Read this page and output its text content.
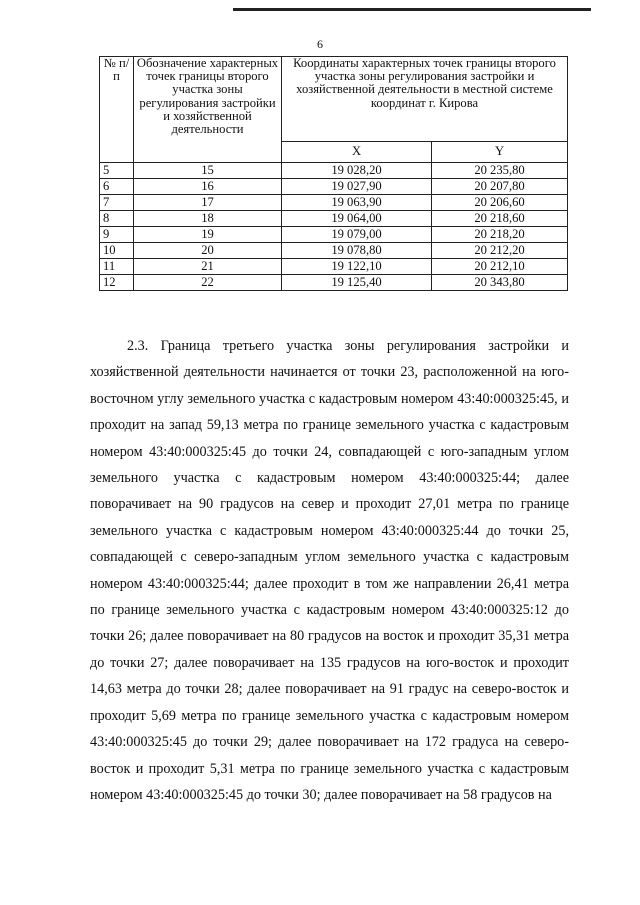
6
№ п/п	Обозначение характерных точек границы второго участка зоны регулирования застройки и хозяйственной деятельности	Координаты характерных точек границы второго участка зоны регулирования застройки и хозяйственной деятельности в местной системе координат г. Кирова	
		X	Y
5	15	19 028,20	20 235,80
6	16	19 027,90	20 207,80
7	17	19 063,90	20 206,60
8	18	19 064,00	20 218,60
9	19	19 079,00	20 218,20
10	20	19 078,80	20 212,20
11	21	19 122,10	20 212,10
12	22	19 125,40	20 343,80

2.3. Граница третьего участка зоны регулирования застройки и хозяйственной деятельности начинается от точки 23, расположенной на юго-восточном углу земельного участка с кадастровым номером 43:40:000325:45, и проходит на запад 59,13 метра по границе земельного участка с кадастровым номером 43:40:000325:45 до точки 24, совпадающей с юго-западным углом земельного участка с кадастровым номером 43:40:000325:44; далее поворачивает на 90 градусов на север и проходит 27,01 метра по границе земельного участка с кадастровым номером 43:40:000325:44 до точки 25, совпадающей с северо-западным углом земельного участка с кадастровым номером 43:40:000325:44; далее проходит в том же направлении 26,41 метра по границе земельного участка с кадастровым номером 43:40:000325:12 до точки 26; далее поворачивает на 80 градусов на восток и проходит 35,31 метра до точки 27; далее поворачивает на 135 градусов на юго-восток и проходит 14,63 метра до точки 28; далее поворачивает на 91 градус на северо-восток и проходит 5,69 метра по границе земельного участка с кадастровым номером 43:40:000325:45 до точки 29; далее поворачивает на 172 градуса на северо-восток и проходит 5,31 метра по границе земельного участка с кадастровым номером 43:40:000325:45 до точки 30; далее поворачивает на 58 градусов на
